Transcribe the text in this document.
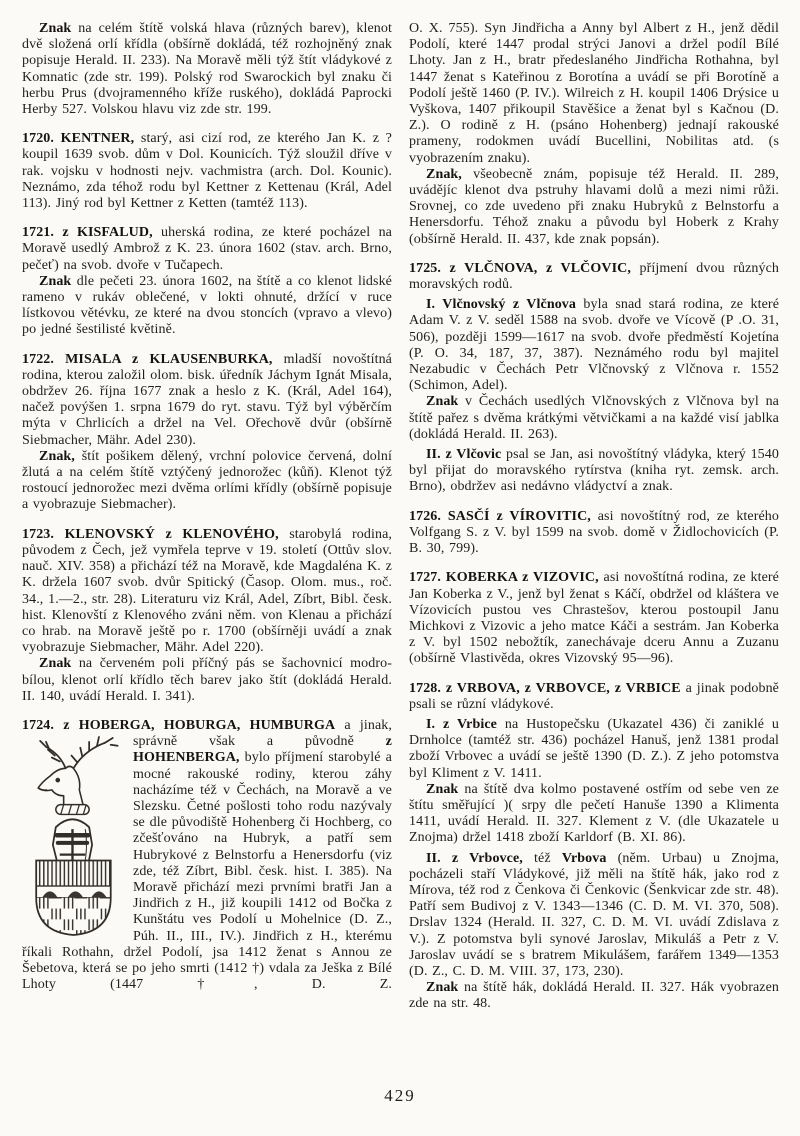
Znak na celém štítě volská hlava (různých barev), klenot dvě složená orlí křídla (obšírně dokládá, též rozhojněný znak popisuje Herald. II. 233). Na Moravě měli týž štít vládykové z Komnatic (zde str. 199). Polský rod Swarockich byl znaku či herbu Prus (dvojramenného kříže ruského), dokládá Paprocki Herby 527. Volskou hlavu viz zde str. 199.

1720. KENTNER, starý, asi cizí rod, ze kterého Jan K. z ? koupil 1639 svob. dům v Dol. Kounicích. Týž sloužil dříve v rak. vojsku v hodnosti nejv. vachmistra (arch. Dol. Kounic). Neznámo, zda téhož rodu byl Kettner z Kettenau (Král, Adel 113). Jiný rod byl Kettner z Ketten (tamtéž 113).

1721. z KISFALUD, uherská rodina, ze které pocházel na Moravě usedlý Ambrož z K. 23. února 1602 (stav. arch. Brno, pečeť) na svob. dvoře v Tučapech.

Znak dle pečeti 23. února 1602, na štítě a co klenot lidské rameno v rukáv oblečené, v lokti ohnuté, držící v ruce lístkovou větévku, ze které na dvou stoncích (vpravo a vlevo) po jedné šestilisté květině.

1722. MISALA z KLAUSENBURKA, mladší novoštítná rodina, kterou založil olom. bisk. úředník Jáchym Ignát Misala, obdržev 26. října 1677 znak a heslo z K. (Král, Adel 164), načež povýšen 1. srpna 1679 do ryt. stavu. Týž byl výběrčím mýta v Chrlicích a držel na Vel. Ořechově dvůr (obšírně Siebmacher, Mähr. Adel 230).

Znak, štít pošikem dělený, vrchní polovice červená, dolní žlutá a na celém štítě vztýčený jednorožec (kůň). Klenot týž rostoucí jednorožec mezi dvěma orlími křídly (obšírně popisuje a vyobrazuje Siebmacher).

1723. KLENOVSKÝ z KLENOVÉHO, starobylá rodina, původem z Čech, jež vymřela teprve v 19. století (Ottův slov. nauč. XIV. 358) a přichází též na Moravě, kde Magdaléna K. z K. držela 1607 svob. dvůr Spitický (Časop. Olom. mus., roč. 34., 1.—2., str. 28). Literaturu viz Král, Adel, Zíbrt, Bibl. česk. hist. Klenovští z Klenového zváni něm. von Klenau a přichází co hrab. na Moravě ještě po r. 1700 (obšírněji uvádí a znak vyobrazuje Siebmacher, Mähr. Adel 220).

Znak na červeném poli příčný pás se šachovnicí modro-bílou, klenot orlí křídlo těch barev jako štít (dokládá Herald. II. 140, uvádí Herald. I. 341).

1724. z HOBERGA, HOBURGA, HUMBURGA
a jinak, správně však a původně z HOHENBERGA, bylo příjmení starobylé a mocné rakouské rodiny, kterou záhy nacházíme též v Čechách, na Moravě a ve Slezsku. Četné pošlosti toho rodu nazývaly se dle původiště Hohenberg či Hochberg, co zčešťováno na Hubryk, a patří sem Hubrykové z Belnstorfu a Henersdorfu (viz zde, též Zíbrt, Bibl. česk. hist. I. 385). Na Moravě přichází mezi prvními bratři Jan a Jindřich z H., již koupili 1412 od Bočka z Kunštátu ves Podolí u Mohelnice (D. Z., Púh. II., III., IV.). Jindřich z H., kterému říkali Rothahn, držel Podolí, jsa 1412 ženat s Annou ze Šebetova, která se po jeho smrti (1412 †) vdala za Ješka z Bílé Lhoty (1447 †, D. Z.

O. X. 755). Syn Jindřicha a Anny byl Albert z H., jenž dědil Podolí, které 1447 prodal strýci Janovi a držel podíl Bílé Lhoty. Jan z H., bratr předeslaného Jindřicha Rothahna, byl 1447 ženat s Kateřinou z Borotína a uvádí se při Borotíně a Podolí ještě 1460 (P. IV.). Wilreich z H. koupil 1406 Drýsice u Vyškova, 1407 přikoupil Stavěšice a ženat byl s Kačnou (D. Z.). O rodině z H. (psáno Hohenberg) jednají rakouské prameny, rodokmen uvádí Bucellini, Nobilitas atd. (s vyobrazením znaku).

Znak, všeobecně znám, popisuje též Herald. II. 289, uvádějíc klenot dva pstruhy hlavami dolů a mezi nimi růži. Srovnej, co zde uvedeno při znaku Hubryků z Belnstorfu a Henersdorfu. Téhož znaku a původu byl Hoberk z Krahy (obšírně Herald. II. 437, kde znak popsán).

1725. z VLČNOVA, z VLČOVIC, příjmení dvou různých moravských rodů.

I. Vlčnovský z Vlčnova byla snad stará rodina, ze které Adam V. z V. seděl 1588 na svob. dvoře ve Vícově (P .O. 31, 506), později 1599—1617 na svob. dvoře předměstí Kojetína (P. O. 34, 187, 37, 387). Neznámého rodu byl majitel Nezabudic v Čechách Petr Vlčnovský z Vlčnova r. 1552 (Schimon, Adel).

Znak v Čechách usedlých Vlčnovských z Vlčnova byl na štítě pařez s dvěma krátkými větvičkami a na každé visí jablka (dokládá Herald. II. 263).

II. z Vlčovic psal se Jan, asi novoštítný vládyka, který 1540 byl přijat do moravského rytírstva (kniha ryt. zemsk. arch. Brno), obdržev asi nedávno vládyctví a znak.

1726. SASČÍ z VÍROVITIC, asi novoštítný rod, ze kterého Volfgang S. z V. byl 1599 na svob. domě v Židlochovicích (P. B. 30, 799).

1727. KOBERKA z VIZOVIC, asi novoštítná rodina, ze které Jan Koberka z V., jenž byl ženat s Káčí, obdržel od kláštera ve Vízovicích pustou ves Chrastešov, kterou postoupil Janu Michkovi z Vizovic a jeho matce Káči a sestrám. Jan Koberka z V. byl 1502 nebožtík, zanechávaje dceru Annu a Zuzanu (obšírně Vlastivěda, okres Vizovský 95—96).

1728. z VRBOVA, z VRBOVCE, z VRBICE a jinak podobně psali se různí vládykové.

I. z Vrbice na Hustopečsku (Ukazatel 436) či zaniklé u Drnholce (tamtéž str. 436) pocházel Hanuš, jenž 1381 prodal zboží Vrbovec a uvádí se ještě 1390 (D. Z.). Z jeho potomstva byl Kliment z V. 1411.

Znak na štítě dva kolmo postavené ostřím od sebe ven ze štítu směřující )( srpy dle pečetí Hanuše 1390 a Klimenta 1411, uvádí Herald. II. 327. Klement z V. (dle Ukazatele u Znojma) držel 1418 zboží Karldorf (B. XI. 86).

II. z Vrbovce, též Vrbova (něm. Urbau) u Znojma, pocházeli staří Vládykové, již měli na štítě hák, jako rod z Mírova, též rod z Čenkova či Čenkovic (Šenkvicar zde str. 48). Patří sem Budivoj z V. 1343—1346 (C. D. M. VI. 370, 508). Drslav 1324 (Herald. II. 327, C. D. M. VI. uvádí Zdislava z V.). Z potomstva byli synové Jaroslav, Mikuláš a Petr z V. Jaroslav uvádí se s bratrem Mikulášem, farářem 1349—1353 (D. Z., C. D. M. VIII. 37, 173, 230).

Znak na štítě hák, dokládá Herald. II. 327. Hák vyobrazen zde na str. 48.

429
